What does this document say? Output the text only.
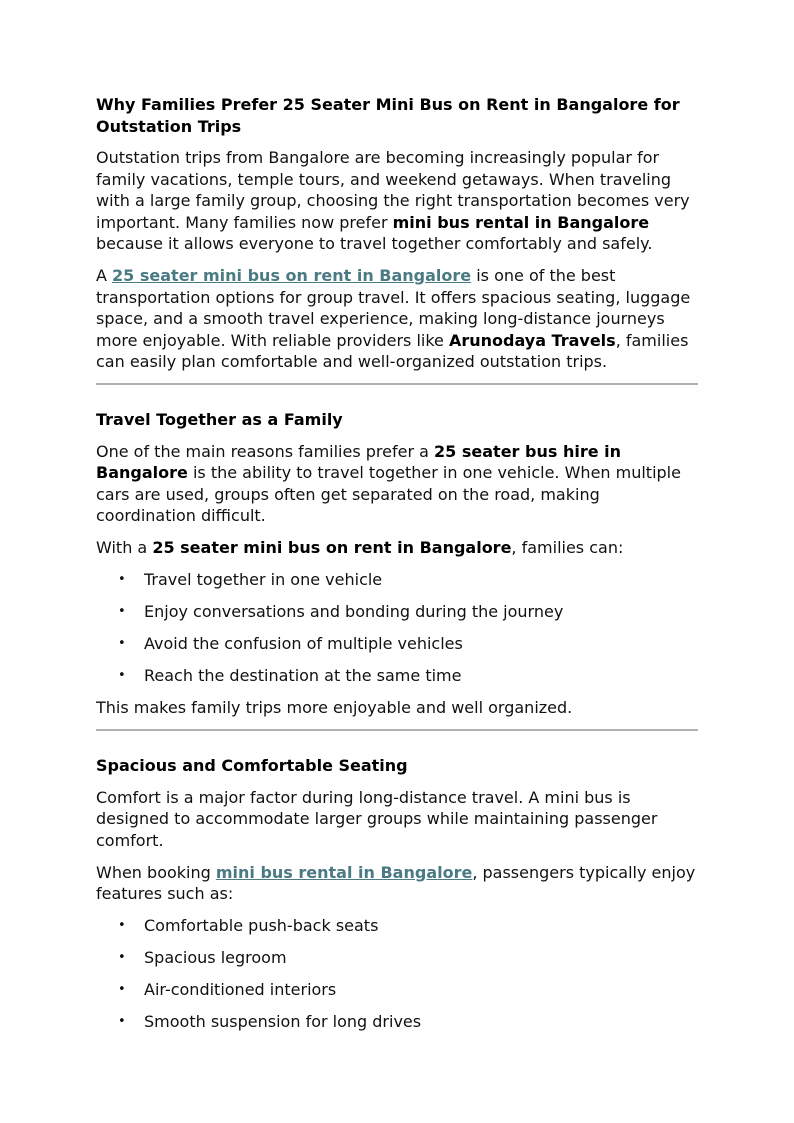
Why Families Prefer 25 Seater Mini Bus on Rent in Bangalore for Outstation Trips

Outstation trips from Bangalore are becoming increasingly popular for family vacations, temple tours, and weekend getaways. When traveling with a large family group, choosing the right transportation becomes very important. Many families now prefer mini bus rental in Bangalore because it allows everyone to travel together comfortably and safely.

A 25 seater mini bus on rent in Bangalore is one of the best transportation options for group travel. It offers spacious seating, luggage space, and a smooth travel experience, making long-distance journeys more enjoyable. With reliable providers like Arunodaya Travels, families can easily plan comfortable and well-organized outstation trips.

Travel Together as a Family

One of the main reasons families prefer a 25 seater bus hire in Bangalore is the ability to travel together in one vehicle. When multiple cars are used, groups often get separated on the road, making coordination difficult.

With a 25 seater mini bus on rent in Bangalore, families can:

• Travel together in one vehicle
• Enjoy conversations and bonding during the journey
• Avoid the confusion of multiple vehicles
• Reach the destination at the same time

This makes family trips more enjoyable and well organized.

Spacious and Comfortable Seating

Comfort is a major factor during long-distance travel. A mini bus is designed to accommodate larger groups while maintaining passenger comfort.

When booking mini bus rental in Bangalore, passengers typically enjoy features such as:

• Comfortable push-back seats
• Spacious legroom
• Air-conditioned interiors
• Smooth suspension for long drives
